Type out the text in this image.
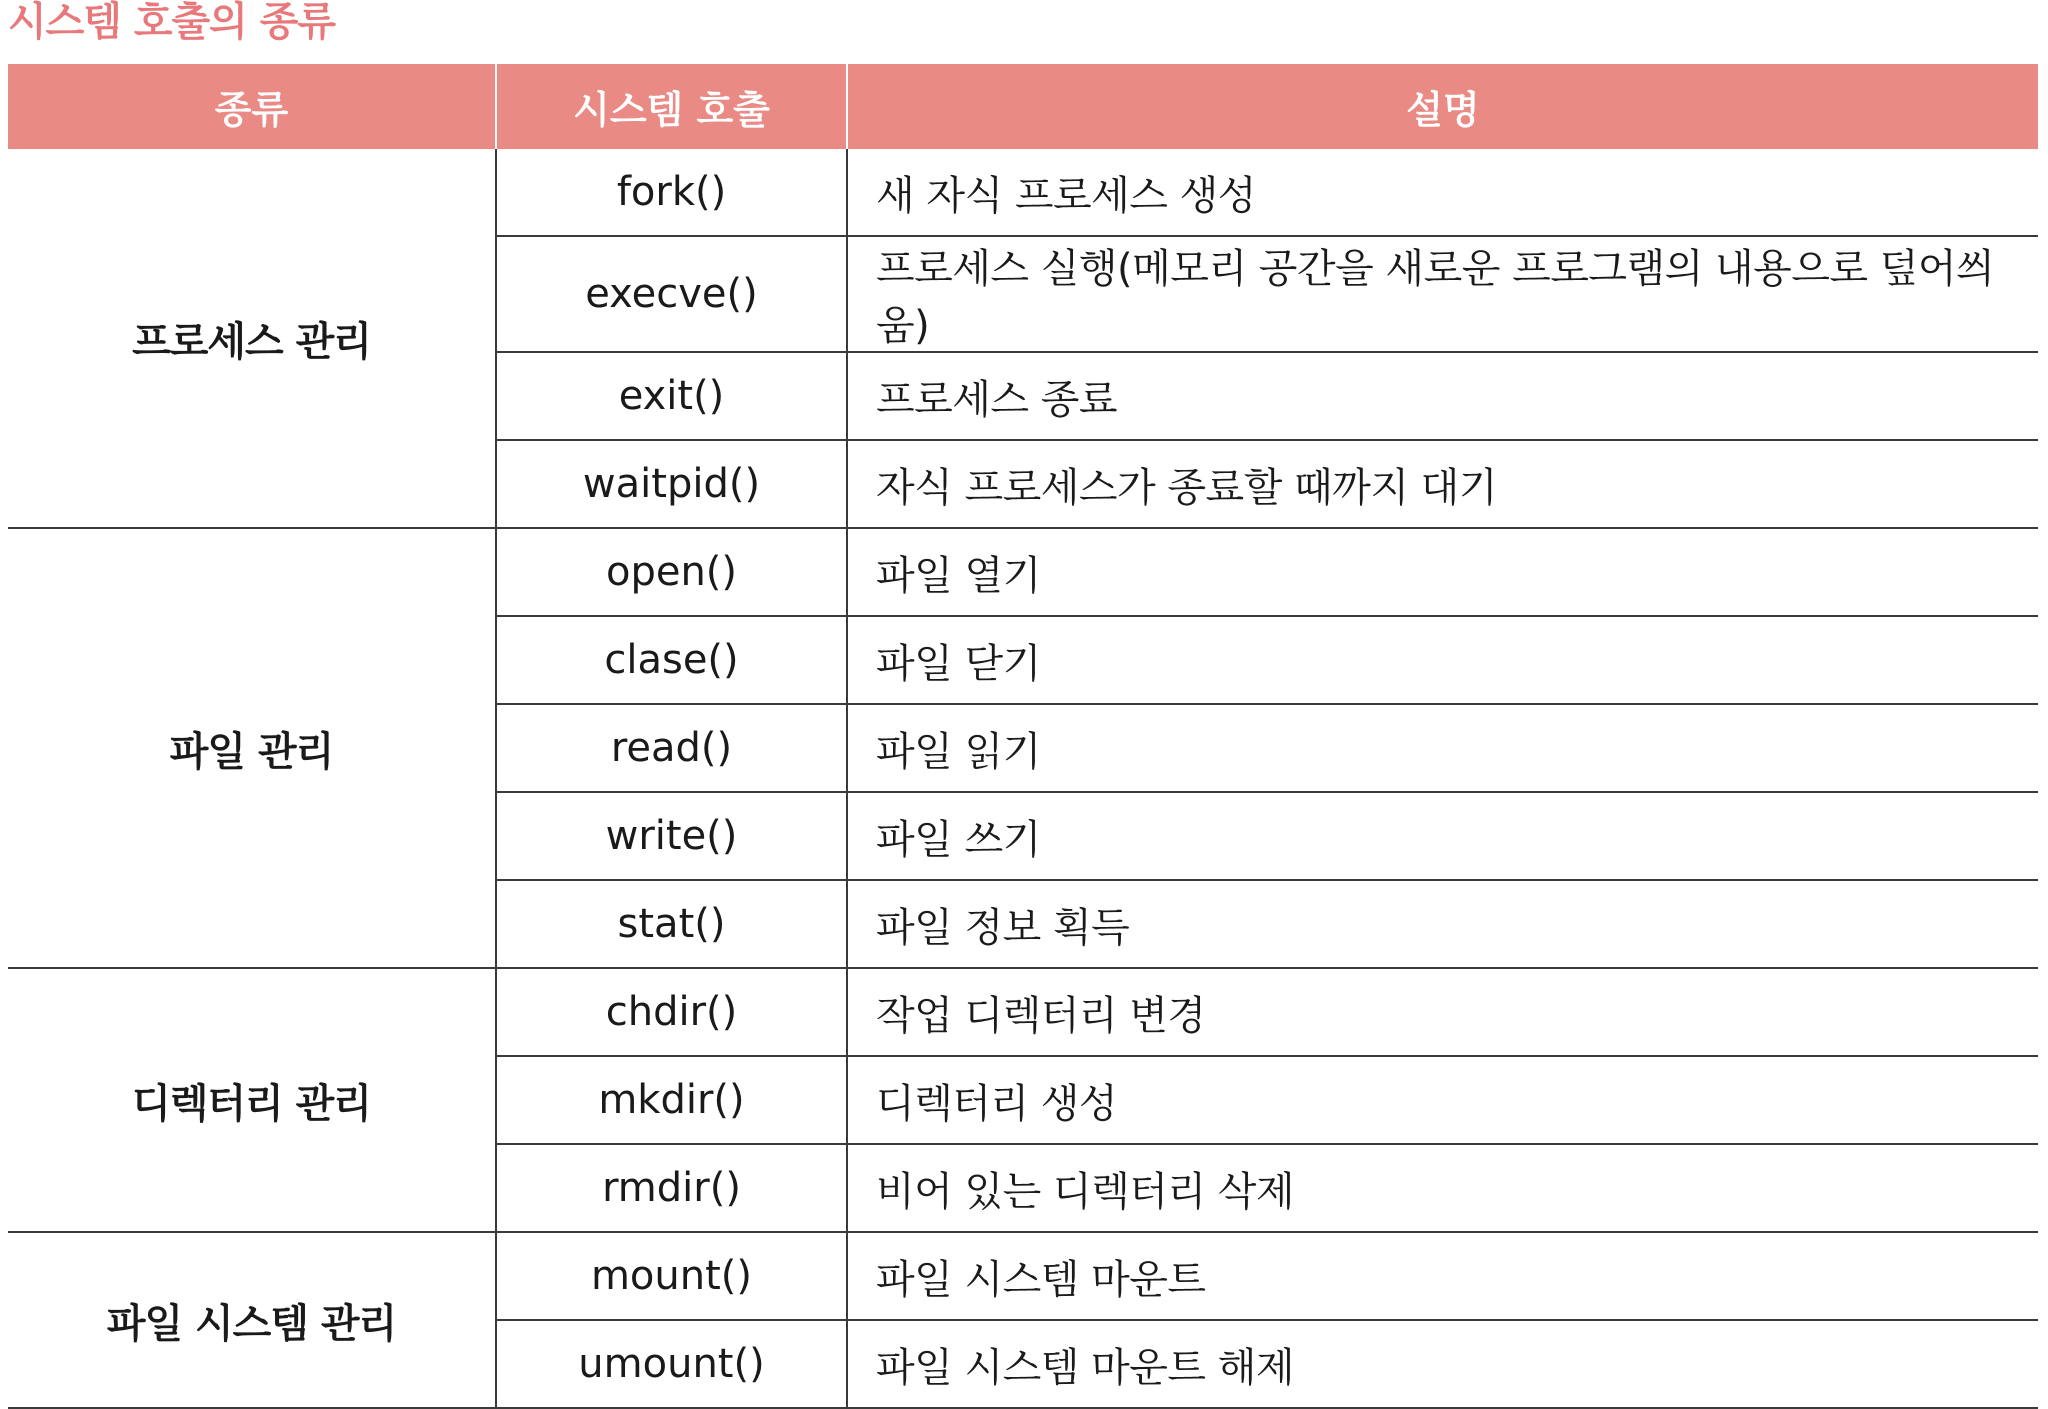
시스템 호출의 종류
종류	시스템 호출	설명
프로세스 관리	fork()	새 자식 프로세스 생성
	execve()	프로세스 실행(메모리 공간을 새로운 프로그램의 내용으로 덮어씌움)
	exit()	프로세스 종료
	waitpid()	자식 프로세스가 종료할 때까지 대기
파일 관리	open()	파일 열기
	clase()	파일 닫기
	read()	파일 읽기
	write()	파일 쓰기
	stat()	파일 정보 획득
디렉터리 관리	chdir()	작업 디렉터리 변경
	mkdir()	디렉터리 생성
	rmdir()	비어 있는 디렉터리 삭제
파일 시스템 관리	mount()	파일 시스템 마운트
	umount()	파일 시스템 마운트 해제
